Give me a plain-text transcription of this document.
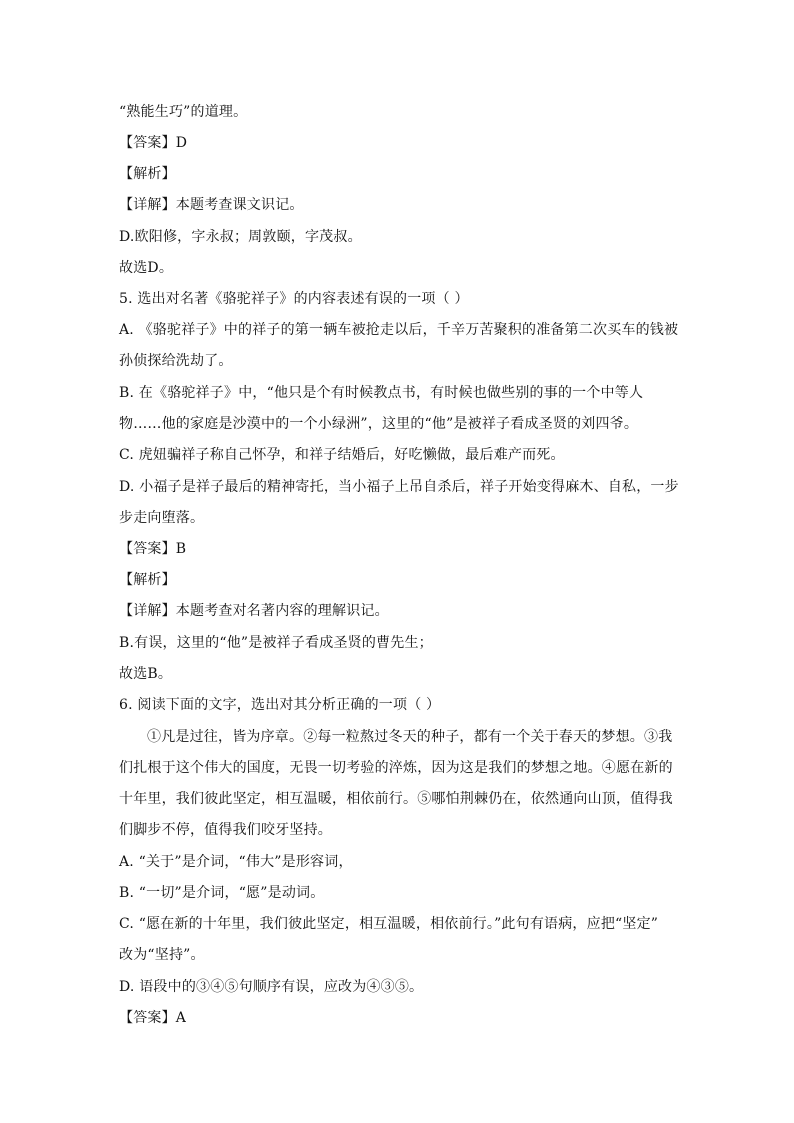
“熟能生巧”的道理。
【答案】D
【解析】
【详解】本题考查课文识记。
D.欧阳修，字永叔；周敦颐，字茂叔。
故选D。
5. 选出对名著《骆驼祥子》的内容表述有误的一项（ ）
A. 《骆驼祥子》中的祥子的第一辆车被抢走以后，千辛万苦聚积的准备第二次买车的钱被
孙侦探给洗劫了。
B. 在《骆驼祥子》中，“他只是个有时候教点书，有时候也做些别的事的一个中等人
物……他的家庭是沙漠中的一个小绿洲”，这里的“他”是被祥子看成圣贤的刘四爷。
C. 虎妞骗祥子称自己怀孕，和祥子结婚后，好吃懒做，最后难产而死。
D. 小福子是祥子最后的精神寄托，当小福子上吊自杀后，祥子开始变得麻木、自私，一步
步走向堕落。
【答案】B
【解析】
【详解】本题考查对名著内容的理解识记。
B.有误，这里的“他”是被祥子看成圣贤的曹先生；
故选B。
6. 阅读下面的文字，选出对其分析正确的一项（ ）
①凡是过往，皆为序章。②每一粒熬过冬天的种子，都有一个关于春天的梦想。③我
们扎根于这个伟大的国度，无畏一切考验的淬炼，因为这是我们的梦想之地。④愿在新的
十年里，我们彼此坚定，相互温暖，相依前行。⑤哪怕荆棘仍在，依然通向山顶，值得我
们脚步不停，值得我们咬牙坚持。
A. “关于”是介词，“伟大”是形容词，
B. “一切”是介词，“愿”是动词。
C. “愿在新的十年里，我们彼此坚定，相互温暖，相依前行。”此句有语病，应把“坚定”
改为“坚持”。
D. 语段中的③④⑤句顺序有误，应改为④③⑤。
【答案】A
